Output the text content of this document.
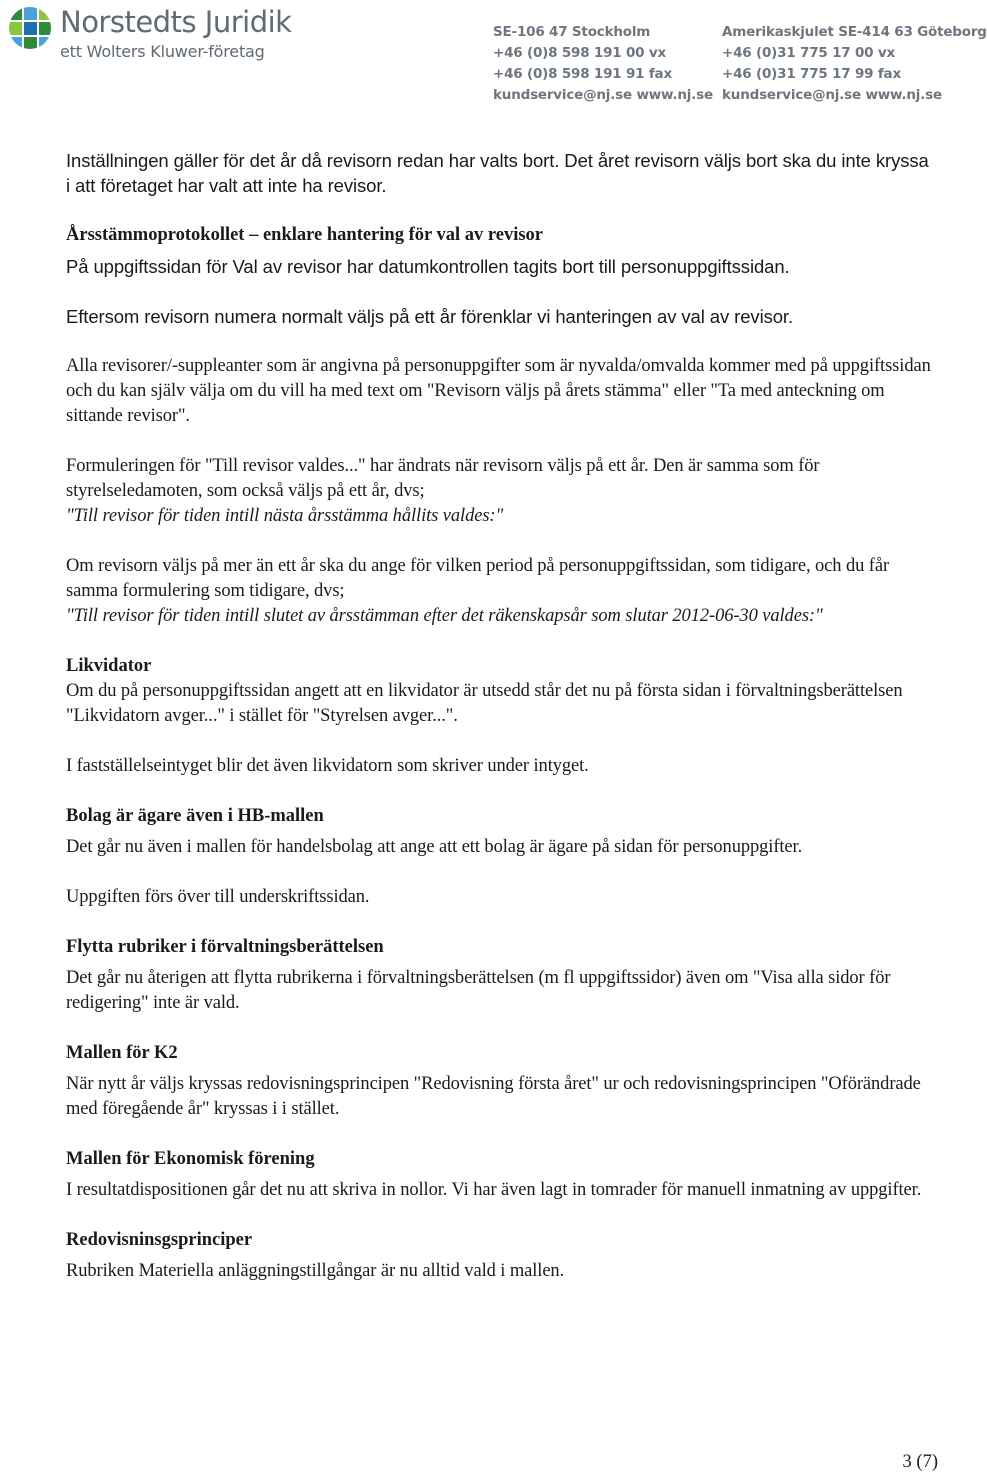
Norstedts Juridik
ett Wolters Kluwer-företag
SE-106 47 Stockholm
+46 (0)8 598 191 00 vx
+46 (0)8 598 191 91 fax
kundservice@nj.se www.nj.se
Amerikaskjulet SE-414 63 Göteborg
+46 (0)31 775 17 00 vx
+46 (0)31 775 17 99 fax
kundservice@nj.se www.nj.se

Inställningen gäller för det år då revisorn redan har valts bort. Det året revisorn väljs bort ska du inte kryssa i att företaget har valt att inte ha revisor.

Årsstämmoprotokollet – enklare hantering för val av revisor

På uppgiftssidan för Val av revisor har datumkontrollen tagits bort till personuppgiftssidan.

Eftersom revisorn numera normalt väljs på ett år förenklar vi hanteringen av val av revisor.

Alla revisorer/-suppleanter som är angivna på personuppgifter som är nyvalda/omvalda kommer med på uppgiftssidan och du kan själv välja om du vill ha med text om "Revisorn väljs på årets stämma" eller "Ta med anteckning om sittande revisor".

Formuleringen för "Till revisor valdes..." har ändrats när revisorn väljs på ett år. Den är samma som för styrelseledamoten, som också väljs på ett år, dvs;

"Till revisor för tiden intill nästa årsstämma hållits valdes:"

Om revisorn väljs på mer än ett år ska du ange för vilken period på personuppgiftssidan, som tidigare, och du får samma formulering som tidigare, dvs;

"Till revisor för tiden intill slutet av årsstämman efter det räkenskapsår som slutar 2012-06-30 valdes:"

Likvidator

Om du på personuppgiftssidan angett att en likvidator är utsedd står det nu på första sidan i förvaltningsberättelsen "Likvidatorn avger..." i stället för "Styrelsen avger...".

I fastställelseintyget blir det även likvidatorn som skriver under intyget.

Bolag är ägare även i HB-mallen

Det går nu även i mallen för handelsbolag att ange att ett bolag är ägare på sidan för personuppgifter.

Uppgiften förs över till underskriftssidan.

Flytta rubriker i förvaltningsberättelsen

Det går nu återigen att flytta rubrikerna i förvaltningsberättelsen (m fl uppgiftssidor) även om "Visa alla sidor för redigering" inte är vald.

Mallen för K2

När nytt år väljs kryssas redovisningsprincipen "Redovisning första året" ur och redovisningsprincipen "Oförändrade med föregående år" kryssas i i stället.

Mallen för Ekonomisk förening

I resultatdispositionen går det nu att skriva in nollor. Vi har även lagt in tomrader för manuell inmatning av uppgifter.

Redovisninsgsprinciper

Rubriken Materiella anläggningstillgångar är nu alltid vald i mallen.

3 (7)
